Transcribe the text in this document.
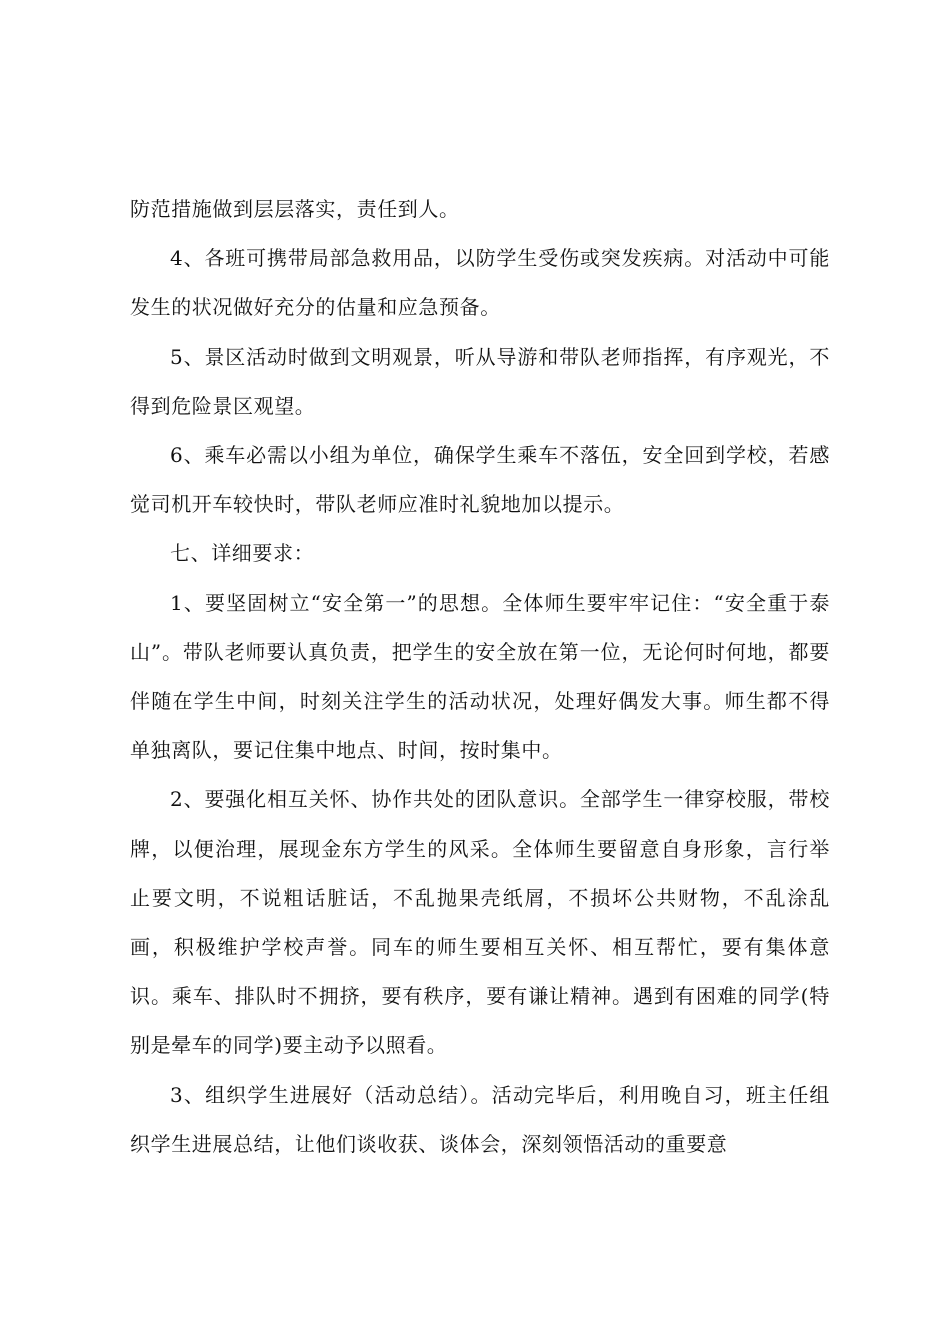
防范措施做到层层落实，责任到人。

4、各班可携带局部急救用品，以防学生受伤或突发疾病。对活动中可能发生的状况做好充分的估量和应急预备。

5、景区活动时做到文明观景，听从导游和带队老师指挥，有序观光，不得到危险景区观望。

6、乘车必需以小组为单位，确保学生乘车不落伍，安全回到学校，若感觉司机开车较快时，带队老师应准时礼貌地加以提示。

七、详细要求：

1、要坚固树立“安全第一”的思想。全体师生要牢牢记住：“安全重于泰山”。带队老师要认真负责，把学生的安全放在第一位，无论何时何地，都要伴随在学生中间，时刻关注学生的活动状况，处理好偶发大事。师生都不得单独离队，要记住集中地点、时间，按时集中。

2、要强化相互关怀、协作共处的团队意识。全部学生一律穿校服，带校牌，以便治理，展现金东方学生的风采。全体师生要留意自身形象，言行举止要文明，不说粗话脏话，不乱抛果壳纸屑，不损坏公共财物，不乱涂乱画，积极维护学校声誉。同车的师生要相互关怀、相互帮忙，要有集体意识。乘车、排队时不拥挤，要有秩序，要有谦让精神。遇到有困难的同学(特别是晕车的同学)要主动予以照看。

3、组织学生进展好（活动总结）。活动完毕后，利用晚自习，班主任组织学生进展总结，让他们谈收获、谈体会，深刻领悟活动的重要意
